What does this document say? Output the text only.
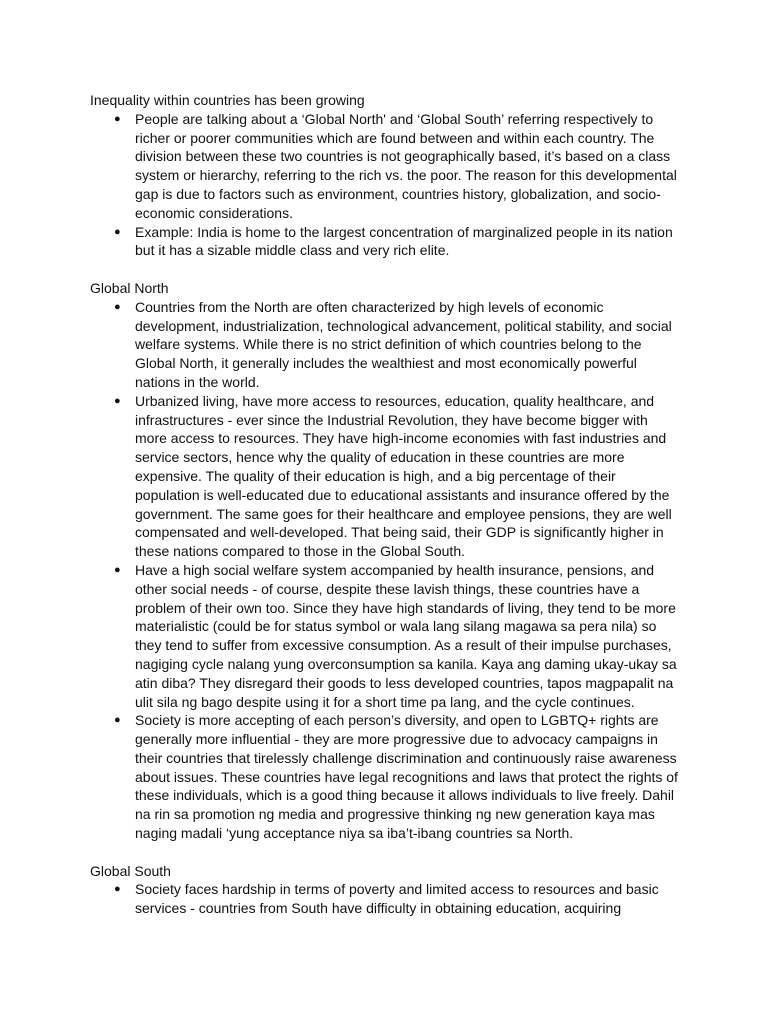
Inequality within countries has been growing

● People are talking about a ‘Global North' and ‘Global South’ referring respectively to richer or poorer communities which are found between and within each country. The division between these two countries is not geographically based, it’s based on a class system or hierarchy, referring to the rich vs. the poor. The reason for this developmental gap is due to factors such as environment, countries history, globalization, and socio-economic considerations.
● Example: India is home to the largest concentration of marginalized people in its nation but it has a sizable middle class and very rich elite.

Global North

● Countries from the North are often characterized by high levels of economic development, industrialization, technological advancement, political stability, and social welfare systems. While there is no strict definition of which countries belong to the Global North, it generally includes the wealthiest and most economically powerful nations in the world.
● Urbanized living, have more access to resources, education, quality healthcare, and infrastructures - ever since the Industrial Revolution, they have become bigger with more access to resources. They have high-income economies with fast industries and service sectors, hence why the quality of education in these countries are more expensive. The quality of their education is high, and a big percentage of their population is well-educated due to educational assistants and insurance offered by the government. The same goes for their healthcare and employee pensions, they are well compensated and well-developed. That being said, their GDP is significantly higher in these nations compared to those in the Global South.
● Have a high social welfare system accompanied by health insurance, pensions, and other social needs - of course, despite these lavish things, these countries have a problem of their own too. Since they have high standards of living, they tend to be more materialistic (could be for status symbol or wala lang silang magawa sa pera nila) so they tend to suffer from excessive consumption. As a result of their impulse purchases, nagiging cycle nalang yung overconsumption sa kanila. Kaya ang daming ukay-ukay sa atin diba? They disregard their goods to less developed countries, tapos magpapalit na ulit sila ng bago despite using it for a short time pa lang, and the cycle continues.
● Society is more accepting of each person’s diversity, and open to LGBTQ+ rights are generally more influential - they are more progressive due to advocacy campaigns in their countries that tirelessly challenge discrimination and continuously raise awareness about issues. These countries have legal recognitions and laws that protect the rights of these individuals, which is a good thing because it allows individuals to live freely. Dahil na rin sa promotion ng media and progressive thinking ng new generation kaya mas naging madali ‘yung acceptance niya sa iba’t-ibang countries sa North.

Global South

● Society faces hardship in terms of poverty and limited access to resources and basic services - countries from South have difficulty in obtaining education, acquiring
